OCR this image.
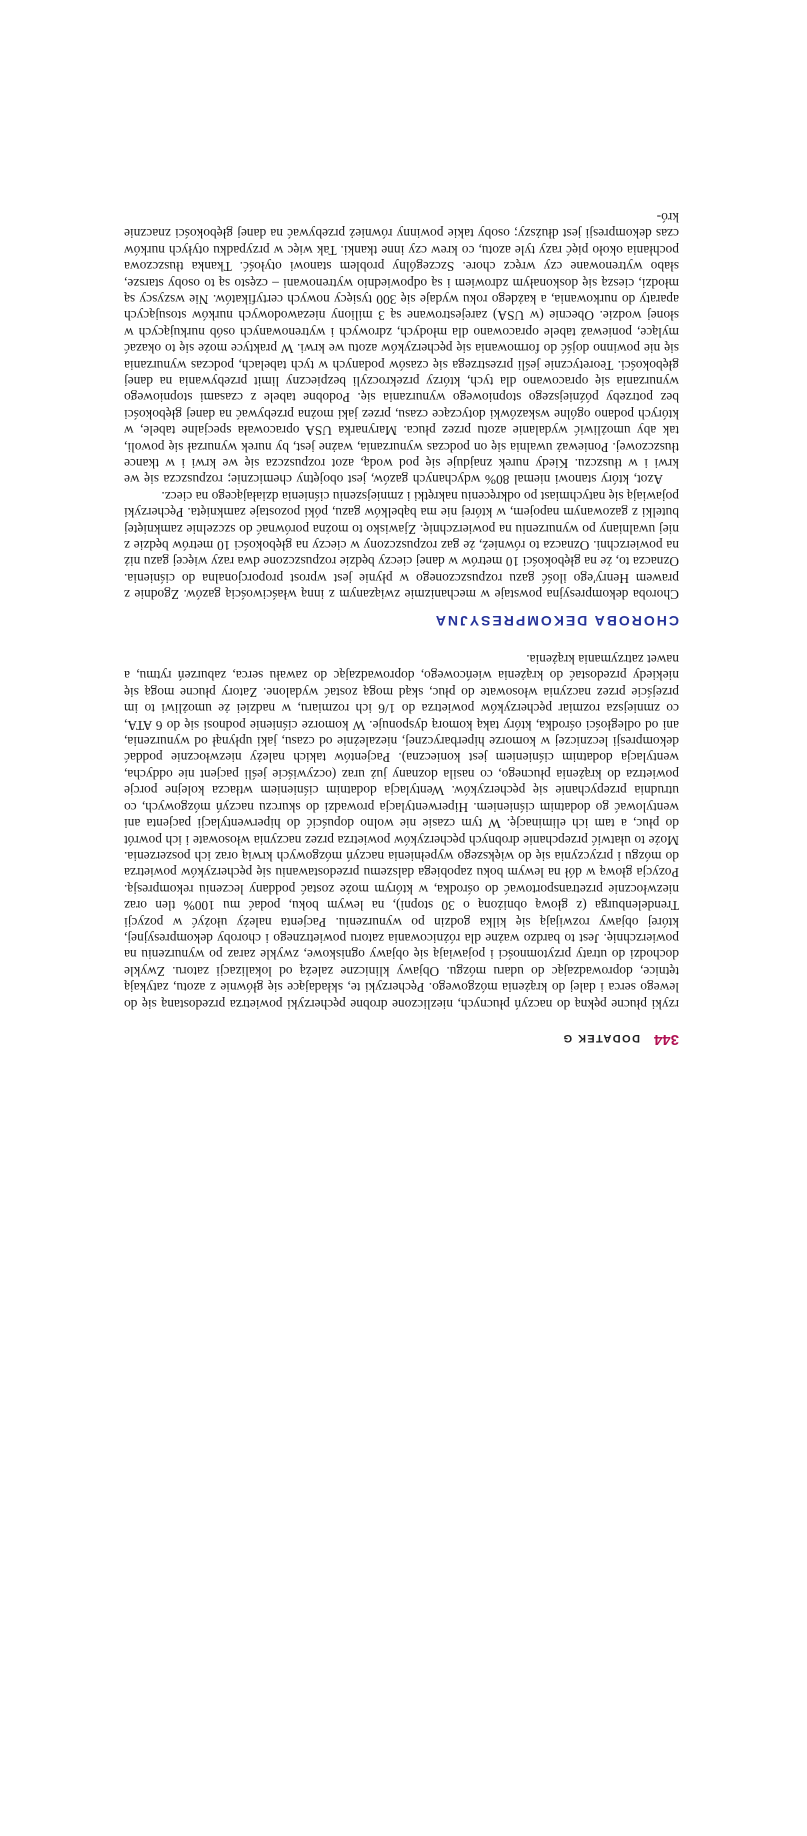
344
DODATEK G

rzyki płucne pękną do naczyń płucnych, niezliczone drobne pęcherzyki powietrza przedostaną się do lewego serca i dalej do krążenia mózgowego. Pęcherzyki te, składające się głównie z azotu, zatykają tętnice, doprowadzając do udaru mózgu. Objawy kliniczne zależą od lokalizacji zatoru. Zwykle dochodzi do utraty przytomności i pojawiają się objawy ogniskowe, zwykle zaraz po wynurzeniu na powierzchnię. Jest to bardzo ważne dla różnicowania zatoru powietrznego i choroby dekompresyjnej, której objawy rozwijają się kilka godzin po wynurzeniu. Pacjenta należy ułożyć w pozycji Trendelenburga (z głową obniżoną o 30 stopni), na lewym boku, podać mu 100% tlen oraz niezwłocznie przetransportować do ośrodka, w którym może zostać poddany leczeniu rekompresją. Pozycja głową w dół na lewym boku zapobiega dalszemu przedostawaniu się pęcherzyków powietrza do mózgu i przyczynia się do większego wypełnienia naczyń mózgowych krwią oraz ich poszerzenia. Może to ułatwić przepchanie drobnych pęcherzyków powietrza przez naczynia włosowate i ich powrót do płuc, a tam ich eliminację. W tym czasie nie wolno dopuścić do hiperwentylacji pacjenta ani wentylować go dodatnim ciśnieniem. Hiperwentylacja prowadzi do skurczu naczyń mózgowych, co utrudnia przepychanie się pęcherzyków. Wentylacja dodatnim ciśnieniem wtłacza kolejne porcje powietrza do krążenia płucnego, co nasila doznany już uraz (oczywiście jeśli pacjent nie oddycha, wentylacja dodatnim ciśnieniem jest konieczna). Pacjentów takich należy niezwłocznie poddać dekompresji leczniczej w komorze hiperbarycznej, niezależnie od czasu, jaki upłynął od wynurzenia, ani od odległości ośrodka, który taką komorą dysponuje. W komorze ciśnienie podnosi się do 6 ATA, co zmniejsza rozmiar pęcherzyków powietrza do 1/6 ich rozmiaru, w nadziei że umożliwi to im przejście przez naczynia włosowate do płuc, skąd mogą zostać wydalone. Zatory płucne mogą się niekiedy przedostać do krążenia wieńcowego, doprowadzając do zawału serca, zaburzeń rytmu, a nawet zatrzymania krążenia.

CHOROBA DEKOMPRESYJNA

Choroba dekompresyjna powstaje w mechanizmie związanym z inną właściwością gazów. Zgodnie z prawem Henry'ego ilość gazu rozpuszczonego w płynie jest wprost proporcjonalna do ciśnienia. Oznacza to, że na głębokości 10 metrów w danej cieczy będzie rozpuszczone dwa razy więcej gazu niż na powierzchni. Oznacza to również, że gaz rozpuszczony w cieczy na głębokości 10 metrów będzie z niej uwalniany po wynurzeniu na powierzchnię. Zjawisko to można porównać do szczelnie zamkniętej butelki z gazowanym napojem, w której nie ma bąbelków gazu, póki pozostaje zamknięta. Pęcherzyki pojawiają się natychmiast po odkręceniu nakrętki i zmniejszeniu ciśnienia działającego na ciecz.

Azot, który stanowi niemal 80% wdychanych gazów, jest obojętny chemicznie; rozpuszcza się we krwi i w tłuszczu. Kiedy nurek znajduje się pod wodą, azot rozpuszcza się we krwi i w tkance tłuszczowej. Ponieważ uwalnia się on podczas wynurzania, ważne jest, by nurek wynurzał się powoli, tak aby umożliwić wydalanie azotu przez płuca. Marynarka USA opracowała specjalne tabele, w których podano ogólne wskazówki dotyczące czasu, przez jaki można przebywać na danej głębokości bez potrzeby późniejszego stopniowego wynurzania się. Podobne tabele z czasami stopniowego wynurzania się opracowano dla tych, którzy przekroczyli bezpieczny limit przebywania na danej głębokości. Teoretycznie jeśli przestrzega się czasów podanych w tych tabelach, podczas wynurzania się nie powinno dojść do formowania się pęcherzyków azotu we krwi. W praktyce może się to okazać mylące, ponieważ tabele opracowano dla młodych, zdrowych i wytrenowanych osób nurkujących w słonej wodzie. Obecnie (w USA) zarejestrowane są 3 miliony niezawodowych nurków stosujących aparaty do nurkowania, a każdego roku wydaje się 300 tysięcy nowych certyfikatów. Nie wszyscy są młodzi, cieszą się doskonałym zdrowiem i są odpowiednio wytrenowani – często są to osoby starsze, słabo wytrenowane czy wręcz chore. Szczególny problem stanowi otyłość. Tkanka tłuszczowa pochłania około pięć razy tyle azotu, co krew czy inne tkanki. Tak więc w przypadku otyłych nurków czas dekompresji jest dłuższy; osoby takie powinny również przebywać na danej głębokości znacznie kró-
